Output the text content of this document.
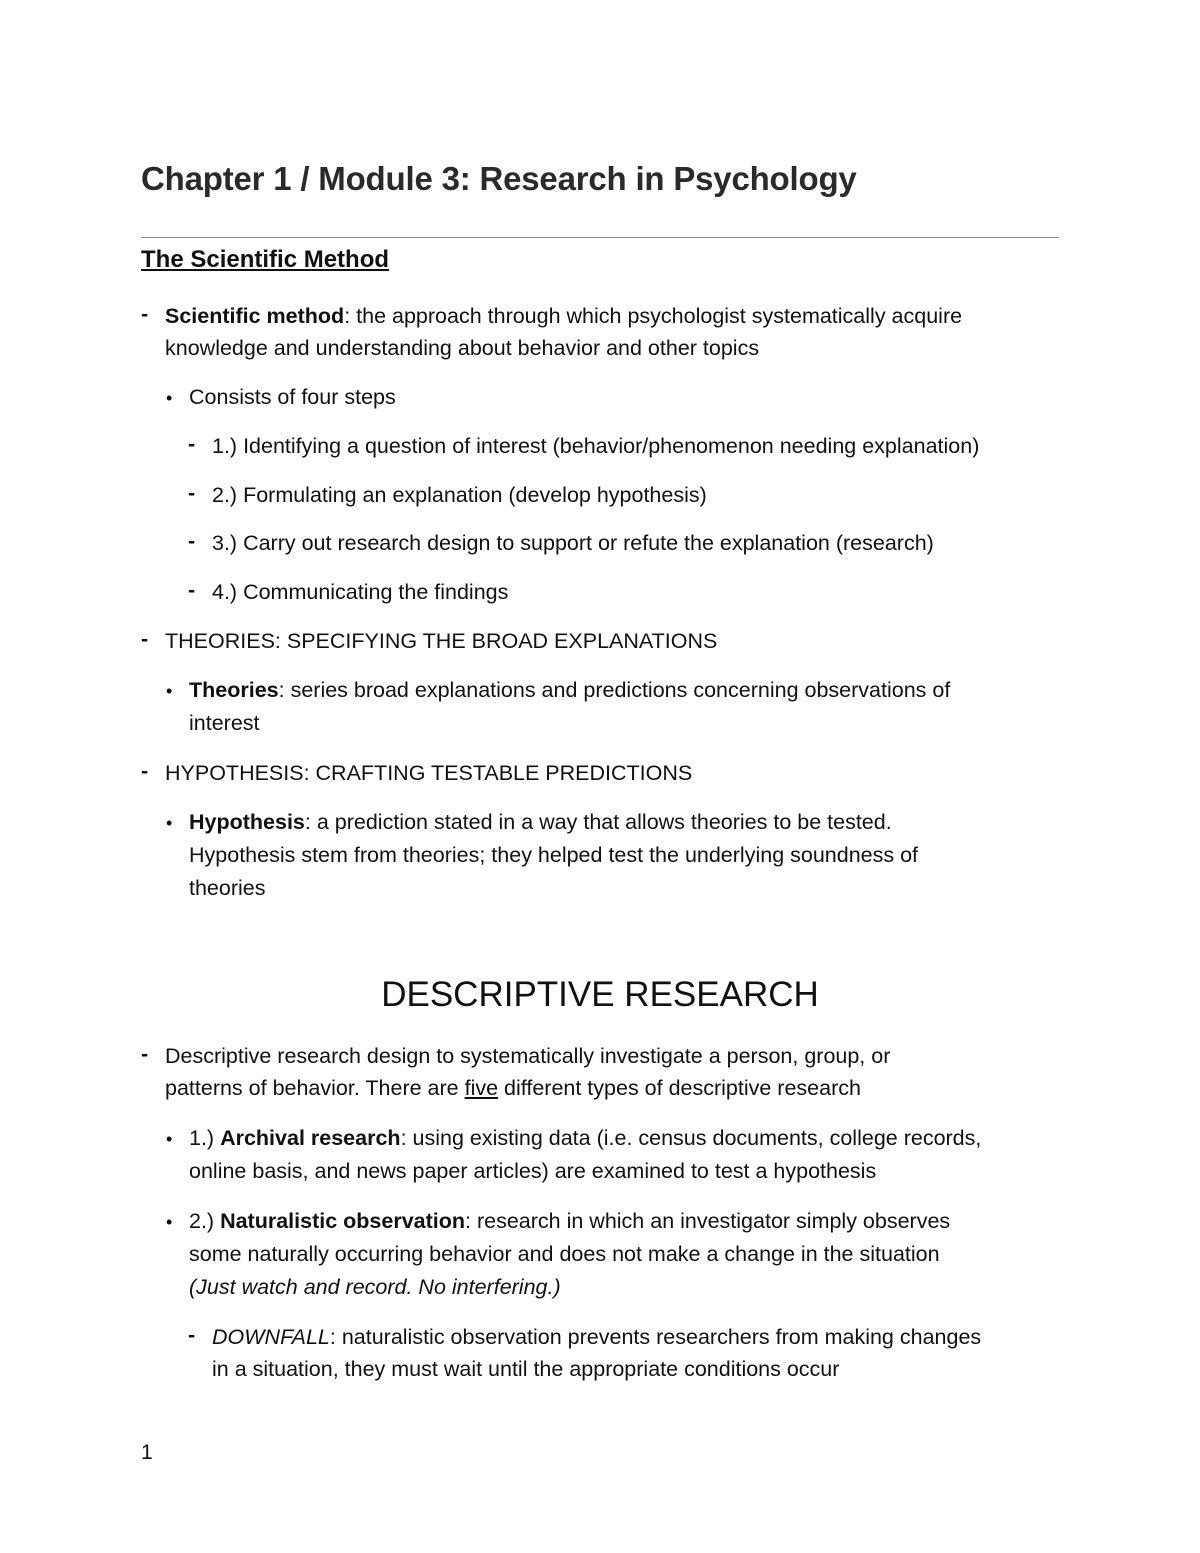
Chapter 1 / Module 3: Research in Psychology
The Scientific Method
- Scientific method: the approach through which psychologist systematically acquire

knowledge and understanding about behavior and other topics

• Consists of four steps

- 1.) Identifying a question of interest (behavior/phenomenon needing explanation)

- 2.) Formulating an explanation (develop hypothesis)

- 3.) Carry out research design to support or refute the explanation (research)

- 4.) Communicating the findings

- THEORIES: SPECIFYING THE BROAD EXPLANATIONS

• Theories: series broad explanations and predictions concerning observations of

interest

- HYPOTHESIS: CRAFTING TESTABLE PREDICTIONS

• Hypothesis: a prediction stated in a way that allows theories to be tested.

Hypothesis stem from theories; they helped test the underlying soundness of

theories

DESCRIPTIVE RESEARCH
- Descriptive research design to systematically investigate a person, group, or

patterns of behavior. There are five different types of descriptive research

• 1.) Archival research: using existing data (i.e. census documents, college records,

online basis, and news paper articles) are examined to test a hypothesis

• 2.) Naturalistic observation: research in which an investigator simply observes

some naturally occurring behavior and does not make a change in the situation

(Just watch and record. No interfering.)

- DOWNFALL: naturalistic observation prevents researchers from making changes

in a situation, they must wait until the appropriate conditions occur

1
